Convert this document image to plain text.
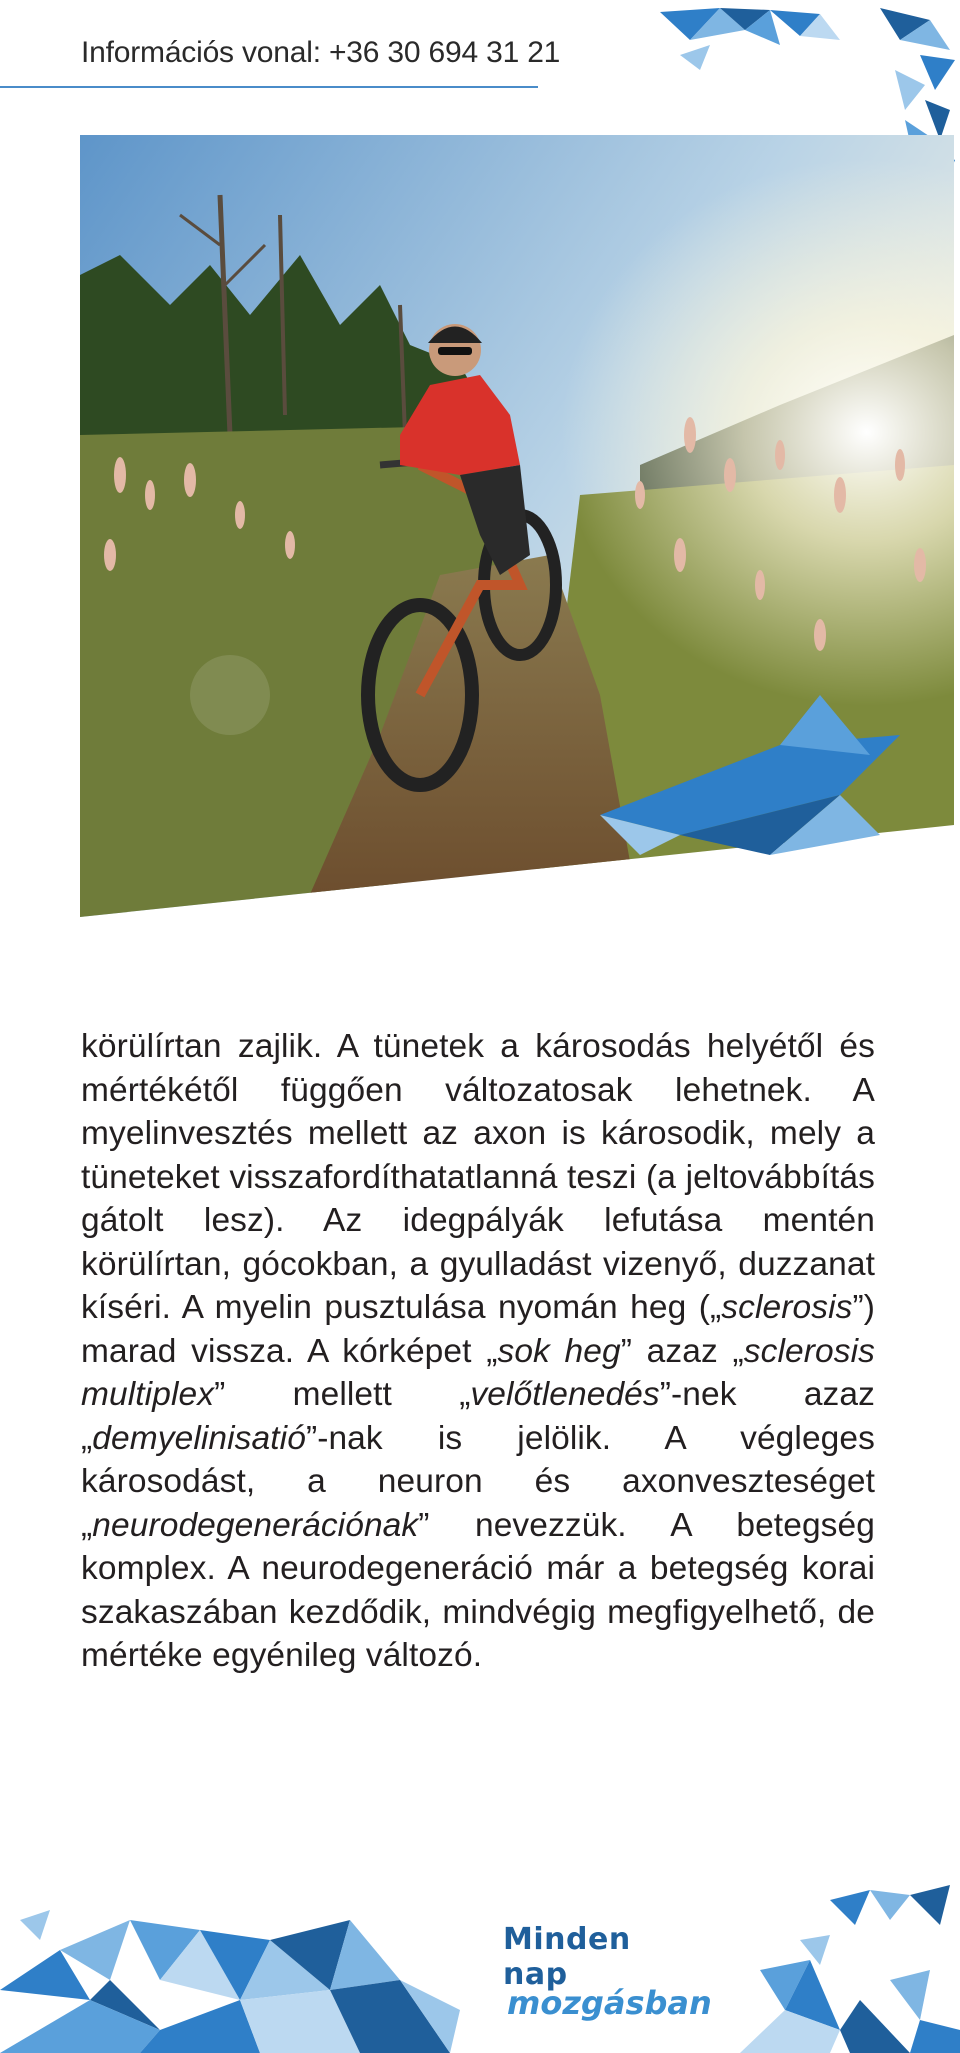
Információs vonal: +36 30 694 31 21

körülírtan zajlik. A tünetek a károsodás helyétől és mértékétől függően változatosak lehetnek. A myelinvesztés mellett az axon is károsodik, mely a tüneteket visszafordíthatatlanná teszi (a jeltovábbítás gátolt lesz). Az idegpályák lefutása mentén körülírtan, gócokban, a gyulladást vizenyő, duzzanat kíséri. A myelin pusztulása nyomán heg („sclerosis”) marad vissza. A kórképet „sok heg” azaz „sclerosis multiplex” mellett „velőtlenedés”-nek azaz „demyelinisatió”-nak is jelölik. A végleges károsodást, a neuron és axonveszteséget „neurodegenerációnak” nevezzük. A betegség komplex. A neurodegeneráció már a betegség korai szakaszában kezdődik, mindvégig megfigyelhető, de mértéke egyénileg változó.

Minden nap
mozgásban
